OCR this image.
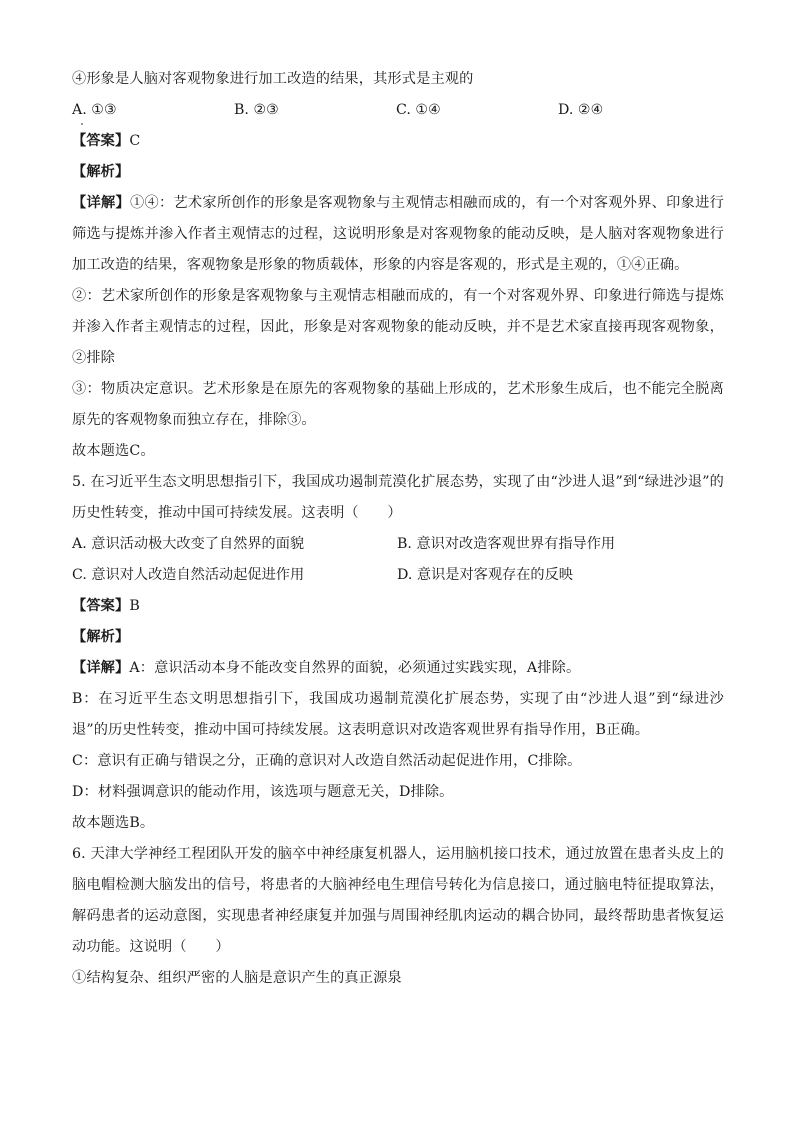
④形象是人脑对客观物象进行加工改造的结果，其形式是主观的
A. ①③	B. ②③	C. ①④	D. ②④
【答案】C
【解析】
【详解】①④：艺术家所创作的形象是客观物象与主观情志相融而成的，有一个对客观外界、印象进行筛选与提炼并渗入作者主观情志的过程，这说明形象是对客观物象的能动反映，是人脑对客观物象进行加工改造的结果，客观物象是形象的物质载体，形象的内容是客观的，形式是主观的，①④正确。
②：艺术家所创作的形象是客观物象与主观情志相融而成的，有一个对客观外界、印象进行筛选与提炼并渗入作者主观情志的过程，因此，形象是对客观物象的能动反映，并不是艺术家直接再现客观物象，②排除
③：物质决定意识。艺术形象是在原先的客观物象的基础上形成的，艺术形象生成后，也不能完全脱离原先的客观物象而独立存在，排除③。
故本题选C。
5. 在习近平生态文明思想指引下，我国成功遏制荒漠化扩展态势，实现了由“沙进人退”到“绿进沙退”的历史性转变，推动中国可持续发展。这表明（　　）
A. 意识活动极大改变了自然界的面貌	B. 意识对改造客观世界有指导作用
C. 意识对人改造自然活动起促进作用	D. 意识是对客观存在的反映
【答案】B
【解析】
【详解】A：意识活动本身不能改变自然界的面貌，必须通过实践实现，A排除。
B：在习近平生态文明思想指引下，我国成功遏制荒漠化扩展态势，实现了由“沙进人退”到“绿进沙退”的历史性转变，推动中国可持续发展。这表明意识对改造客观世界有指导作用，B正确。
C：意识有正确与错误之分，正确的意识对人改造自然活动起促进作用，C排除。
D：材料强调意识的能动作用，该选项与题意无关，D排除。
故本题选B。
6. 天津大学神经工程团队开发的脑卒中神经康复机器人，运用脑机接口技术，通过放置在患者头皮上的脑电帽检测大脑发出的信号，将患者的大脑神经电生理信号转化为信息接口，通过脑电特征提取算法，解码患者的运动意图，实现患者神经康复并加强与周围神经肌肉运动的耦合协同，最终帮助患者恢复运动功能。这说明（　　）
①结构复杂、组织严密的人脑是意识产生的真正源泉
